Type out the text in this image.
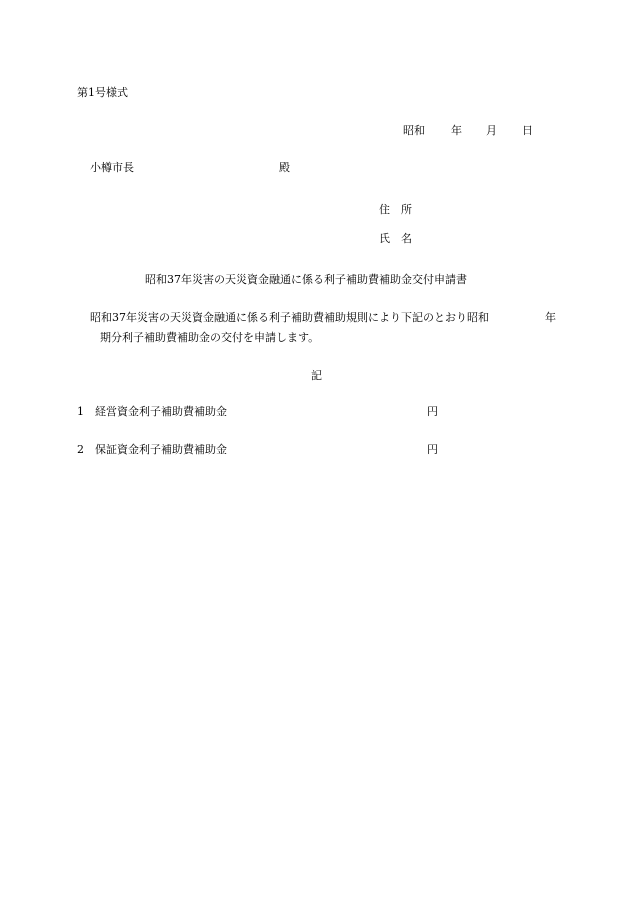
第1号様式
昭和 年 月 日
小樽市長	殿
住　所
氏　名
昭和37年災害の天災資金融通に係る利子補助費補助金交付申請書
昭和37年災害の天災資金融通に係る利子補助費補助規則により下記のとおり昭和	年
期分利子補助費補助金の交付を申請します。
記
1 経営資金利子補助費補助金	円
2 保証資金利子補助費補助金	円
